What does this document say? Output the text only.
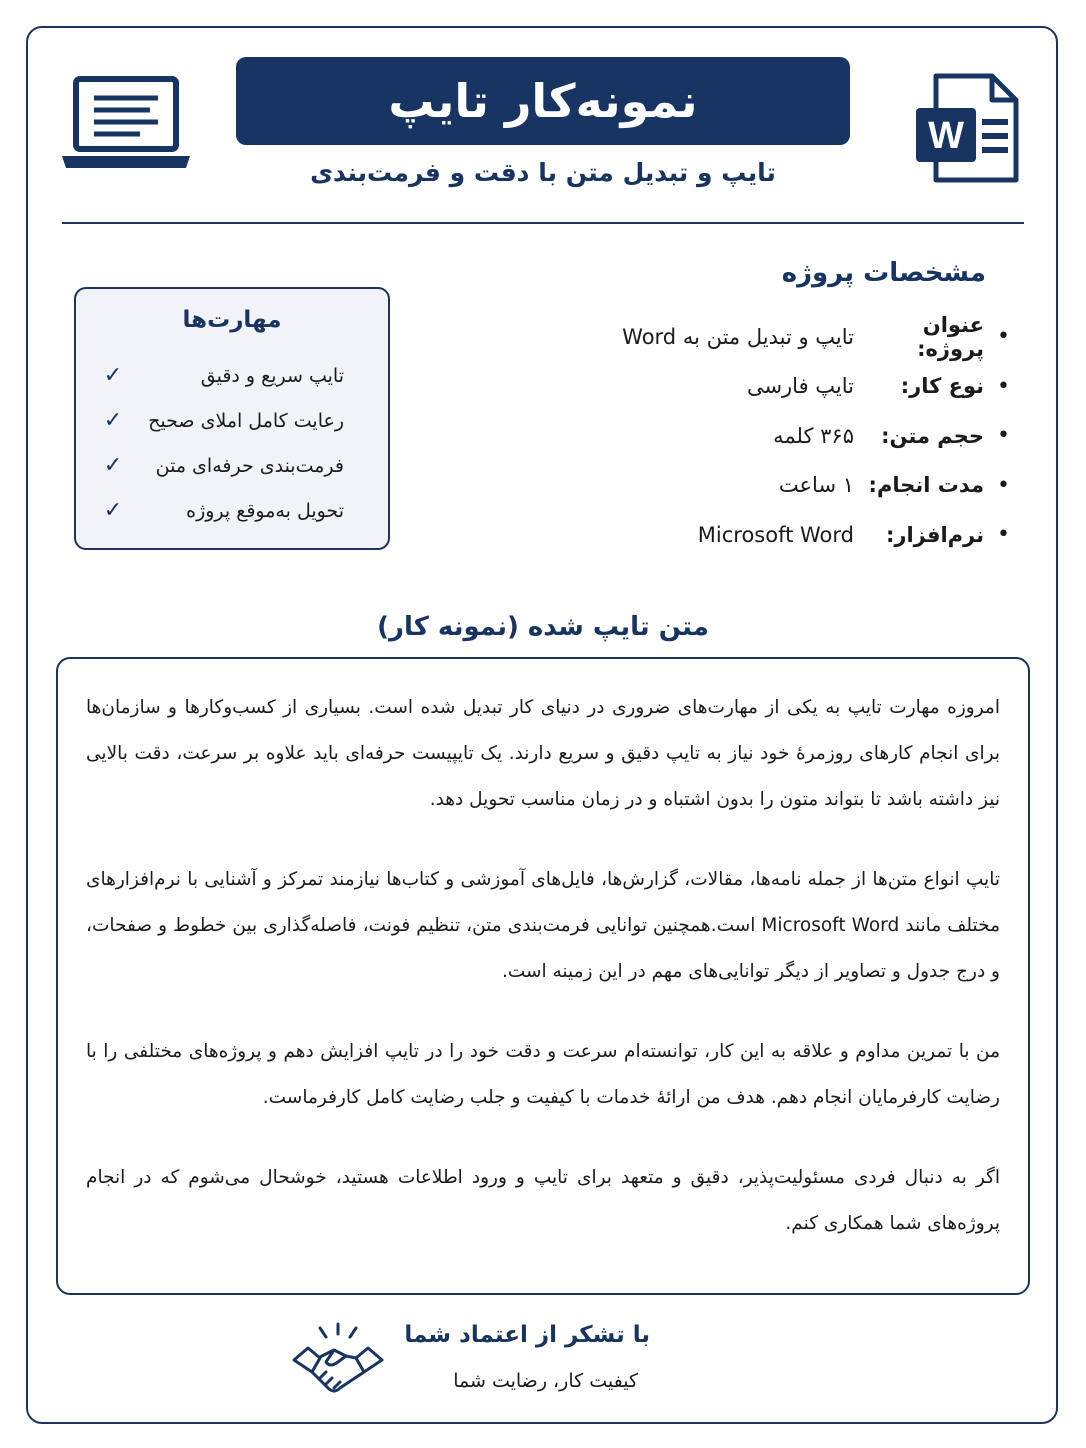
نمونه‌کار تایپ
تایپ و تبدیل متن با دقت و فرمت‌بندی
W
مشخصات پروژه
•
عنوان پروژه:
تایپ و تبدیل متن به Word
•
نوع کار:
تایپ فارسی
•
حجم متن:
۳۶۵ کلمه
•
مدت انجام:
۱ ساعت
•
نرم‌افزار:
Microsoft Word
مهارت‌ها
تایپ سریع و دقیق
✓
رعایت کامل املای صحیح
✓
فرمت‌بندی حرفه‌ای متن
✓
تحویل به‌موقع پروژه
✓
متن تایپ شده (نمونه کار)

امروزه مهارت تایپ به یکی از مهارت‌های ضروری در دنیای کار تبدیل شده است. بسیاری از کسب‌وکارها و سازمان‌ها برای انجام کارهای روزمرهٔ خود نیاز به تایپ دقیق و سریع دارند. یک تایپیست حرفه‌ای باید علاوه بر سرعت، دقت بالایی نیز داشته باشد تا بتواند متون را بدون اشتباه و در زمان مناسب تحویل دهد.

تایپ انواع متن‌ها از جمله نامه‌ها، مقالات، گزارش‌ها، فایل‌های آموزشی و کتاب‌ها نیازمند تمرکز و آشنایی با نرم‌افزارهای مختلف مانند Microsoft Word است.همچنین توانایی فرمت‌بندی متن، تنظیم فونت، فاصله‌گذاری بین خطوط و صفحات، و درج جدول و تصاویر از دیگر توانایی‌های مهم در این زمینه است.

من با تمرین مداوم و علاقه به این کار، توانسته‌ام سرعت و دقت خود را در تایپ افزایش دهم و پروژه‌های مختلفی را با رضایت کارفرمایان انجام دهم. هدف من ارائهٔ خدمات با کیفیت و جلب رضایت کامل کارفرماست.

اگر به دنبال فردی مسئولیت‌پذیر، دقیق و متعهد برای تایپ و ورود اطلاعات هستید، خوشحال می‌شوم که در انجام پروژه‌های شما همکاری کنم.

با تشکر از اعتماد شما
کیفیت کار، رضایت شما
